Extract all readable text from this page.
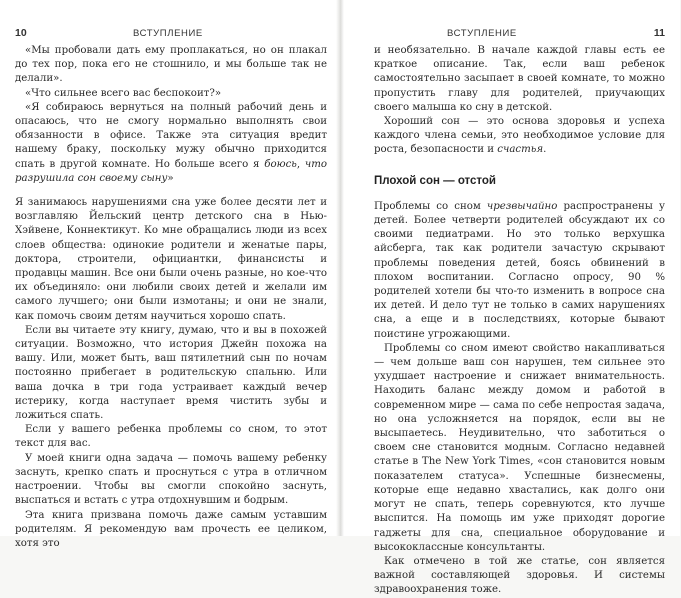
10	ВСТУПЛЕНИЕ

«Мы пробовали дать ему проплакаться, но он плакал до тех пор, пока его не стошнило, и мы больше так не делали».

«Что сильнее всего вас беспокоит?»

«Я собираюсь вернуться на полный рабочий день и опасаюсь, что не смогу нормально выполнять свои обязанности в офисе. Также эта ситуация вредит нашему браку, поскольку мужу обычно приходится спать в другой комнате. Но больше всего я боюсь, что разрушила сон своему сыну»

Я занимаюсь нарушениями сна уже более десяти лет и возглавляю Йельский центр детского сна в Нью-Хэйвене, Коннектикут. Ко мне обращались люди из всех слоев общества: одинокие родители и женатые пары, доктора, строители, официантки, финансисты и продавцы машин. Все они были очень разные, но кое-что их объединяло: они любили своих детей и желали им самого лучшего; они были измотаны; и они не знали, как помочь своим детям научиться хорошо спать.

Если вы читаете эту книгу, думаю, что и вы в похожей ситуации. Возможно, что история Джейн похожа на вашу. Или, может быть, ваш пятилетний сын по ночам постоянно прибегает в родительскую спальню. Или ваша дочка в три года устраивает каждый вечер истерику, когда наступает время чистить зубы и ложиться спать.

Если у вашего ребенка проблемы со сном, то этот текст для вас.

У моей книги одна задача — помочь вашему ребенку заснуть, крепко спать и проснуться с утра в отличном настроении. Чтобы вы смогли спокойно заснуть, выспаться и встать с утра отдохнувшим и бодрым.

Эта книга призвана помочь даже самым уставшим родителям. Я рекомендую вам прочесть ее целиком, хотя это

ВСТУПЛЕНИЕ	11

и необязательно. В начале каждой главы есть ее краткое описание. Так, если ваш ребенок самостоятельно засыпает в своей комнате, то можно пропустить главу для родителей, приучающих своего малыша ко сну в детской.

Хороший сон — это основа здоровья и успеха каждого члена семьи, это необходимое условие для роста, безопасности и счастья.

Плохой сон — отстой

Проблемы со сном чрезвычайно распространены у детей. Более четверти родителей обсуждают их со своими педиатрами. Но это только верхушка айсберга, так как родители зачастую скрывают проблемы поведения детей, боясь обвинений в плохом воспитании. Согласно опросу, 90 % родителей хотели бы что-то изменить в вопросе сна их детей. И дело тут не только в самих нарушениях сна, а еще и в последствиях, которые бывают поистине угрожающими.

Проблемы со сном имеют свойство накапливаться — чем дольше ваш сон нарушен, тем сильнее это ухудшает настроение и снижает внимательность. Находить баланс между домом и работой в современном мире — сама по себе непростая задача, но она усложняется на порядок, если вы не высыпаетесь. Неудивительно, что заботиться о своем сне становится модным. Согласно недавней статье в The New York Times, «сон становится новым показателем статуса». Успешные бизнесмены, которые еще недавно хвастались, как долго они могут не спать, теперь соревнуются, кто лучше выспится. На помощь им уже приходят дорогие гаджеты для сна, специальное оборудование и высококлассные консультанты.

Как отмечено в той же статье, сон является важной составляющей здоровья. И системы здравоохранения тоже.
